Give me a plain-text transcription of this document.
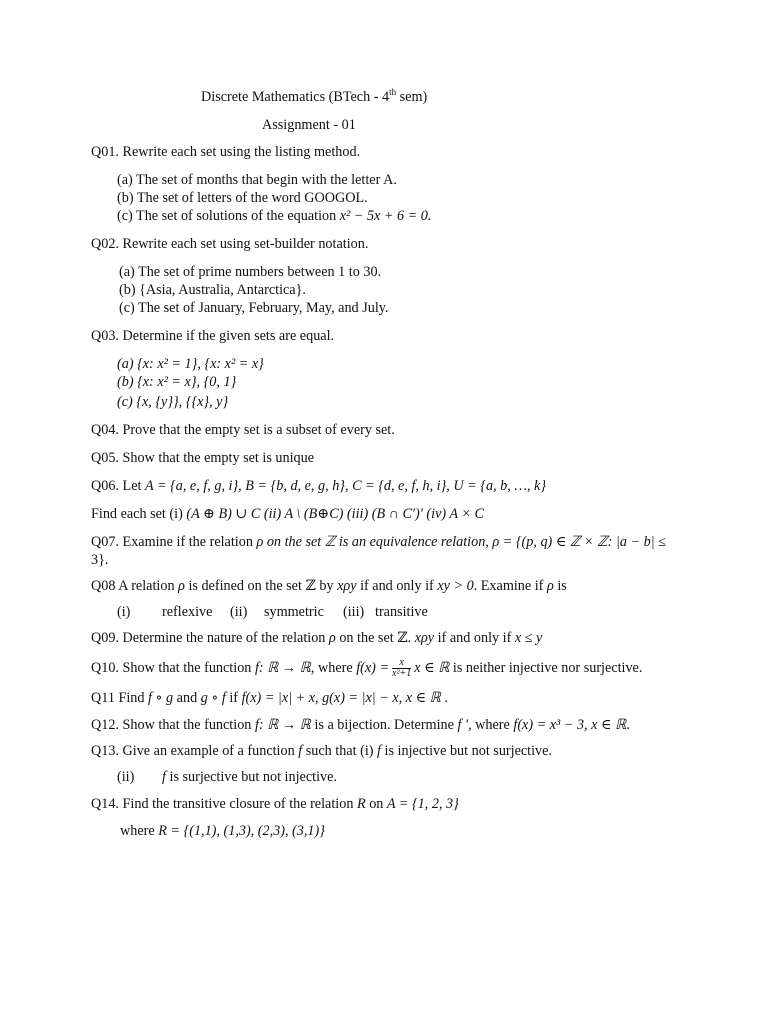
Discrete Mathematics (BTech - 4th sem)
Assignment - 01
Q01. Rewrite each set using the listing method.
(a) The set of months that begin with the letter A.
(b) The set of letters of the word GOOGOL.
(c) The set of solutions of the equation x² − 5x + 6 = 0.
Q02. Rewrite each set using set-builder notation.
(a) The set of prime numbers between 1 to 30.
(b) {Asia, Australia, Antarctica}.
(c) The set of January, February, May, and July.
Q03. Determine if the given sets are equal.
(a) {x: x² = 1}, {x: x² = x}
(b) {x: x² = x}, {0, 1}
(c) {x, {y}}, {{x}, y}
Q04. Prove that the empty set is a subset of every set.
Q05. Show that the empty set is unique
Q06. Let A = {a, e, f, g, i}, B = {b, d, e, g, h}, C = {d, e, f, h, i}, U = {a, b, …, k}
Find each set (i) (A ⊕ B) ∪ C (ii) A \ (B⊕C) (iii) (B ∩ C′)′ (iv) A × C
Q07. Examine if the relation ρ on the set ℤ is an equivalence relation, ρ = {(p, q) ∈ ℤ × ℤ: |a − b| ≤
3}.
Q08 A relation ρ is defined on the set ℤ by xρy if and only if xy > 0. Examine if ρ is
(i) reflexive (ii) symmetric (iii) transitive
Q09. Determine the nature of the relation ρ on the set ℤ. xρy if and only if x ≤ y
Q10. Show that the function f: ℝ → ℝ, where $f(x) = \frac{x}{\text{x²+1}}$ x ∈ ℝ is neither injective nor surjective.
Q11 Find f ∘ g and g ∘ f if f(x) = |x| + x, g(x) = |x| − x, x ∈ ℝ .
Q12. Show that the function f: ℝ → ℝ is a bijection. Determine f ′, where f(x) = x³ − 3, x ∈ ℝ.
Q13. Give an example of a function f such that (i) f is injective but not surjective.
(ii) f is surjective but not injective.
Q14. Find the transitive closure of the relation R on A = {1, 2, 3}
where R = {(1,1), (1,3), (2,3), (3,1)}
